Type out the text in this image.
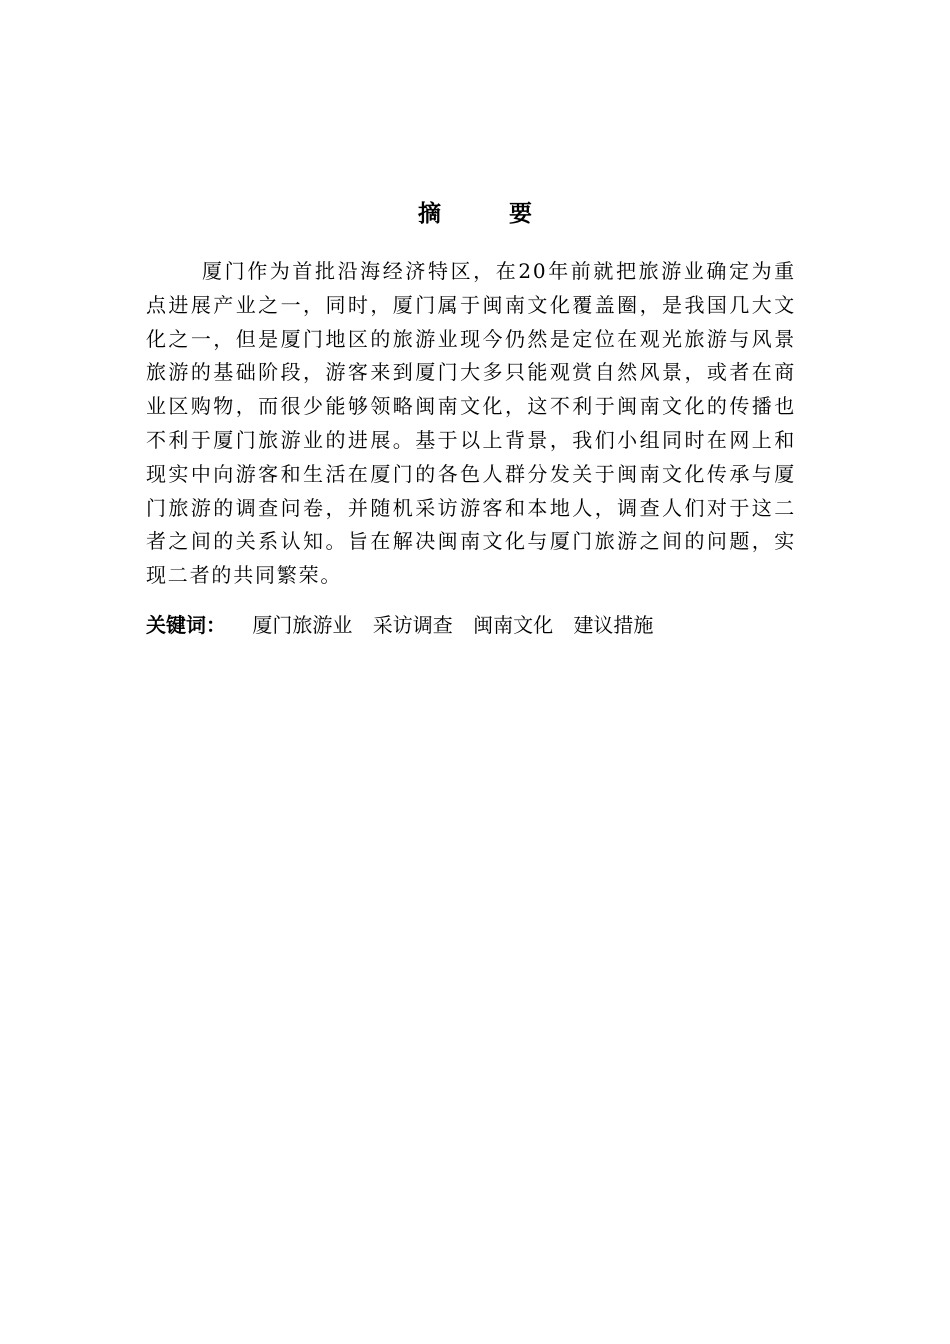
摘 要

厦门作为首批沿海经济特区，在20年前就把旅游业确定为重点进展产业之一，同时，厦门属于闽南文化覆盖圈，是我国几大文化之一，但是厦门地区的旅游业现今仍然是定位在观光旅游与风景旅游的基础阶段，游客来到厦门大多只能观赏自然风景，或者在商业区购物，而很少能够领略闽南文化，这不利于闽南文化的传播也不利于厦门旅游业的进展。基于以上背景，我们小组同时在网上和现实中向游客和生活在厦门的各色人群分发关于闽南文化传承与厦门旅游的调查问卷，并随机采访游客和本地人，调查人们对于这二者之间的关系认知。旨在解决闽南文化与厦门旅游之间的问题，实现二者的共同繁荣。

关键词： 厦门旅游业 采访调查 闽南文化 建议措施
